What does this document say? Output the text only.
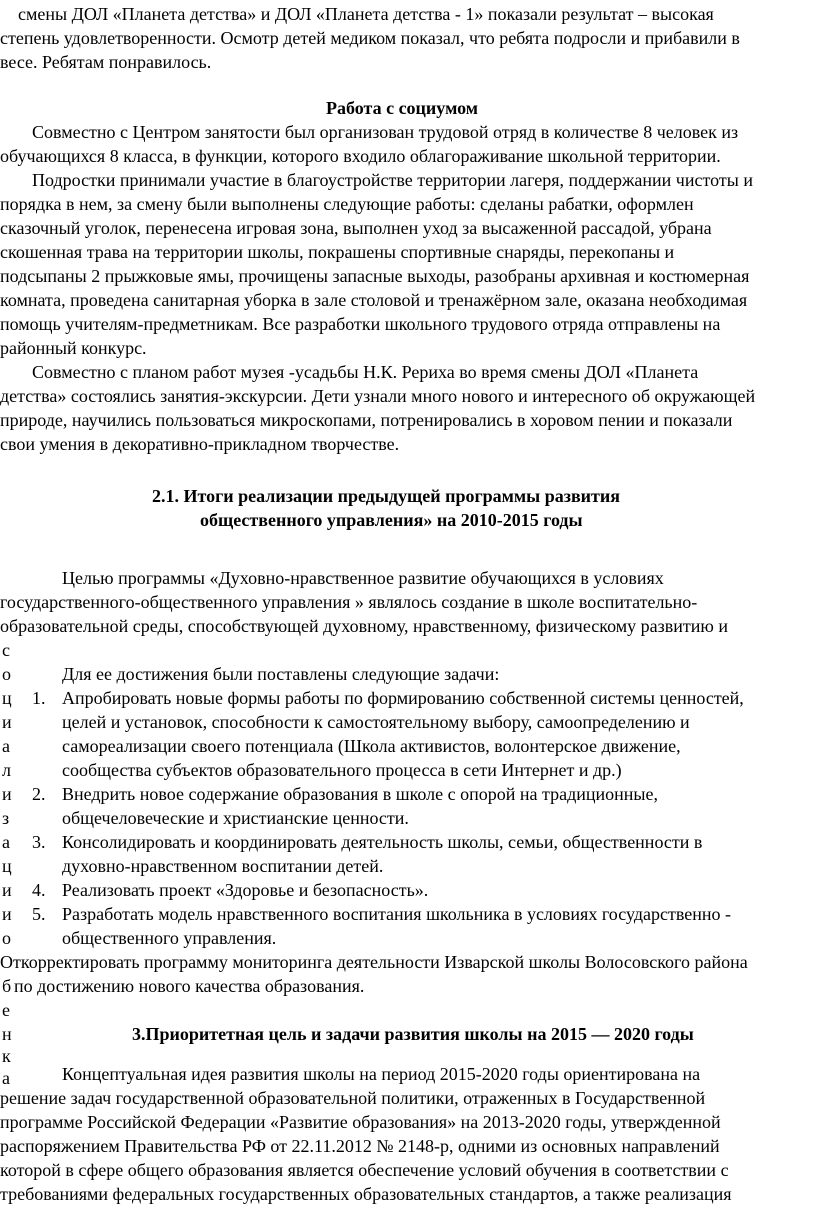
смены ДОЛ «Планета детства» и ДОЛ «Планета детства - 1» показали результат – высокая
степень удовлетворенности. Осмотр детей медиком показал, что ребята подросли и прибавили в
весе. Ребятам понравилось.
Работа с социумом
Совместно с Центром занятости был организован трудовой отряд в количестве 8 человек из
обучающихся 8 класса, в функции, которого входило облагораживание школьной территории.
Подростки принимали участие в благоустройстве территории лагеря, поддержании чистоты и
порядка в нем, за смену были выполнены следующие работы: сделаны рабатки, оформлен
сказочный уголок, перенесена игровая зона, выполнен уход за высаженной рассадой, убрана
скошенная трава на территории школы, покрашены спортивные снаряды, перекопаны и
подсыпаны 2 прыжковые ямы, прочищены запасные выходы, разобраны архивная и костюмерная
комната, проведена санитарная уборка в зале столовой и тренажёрном зале, оказана необходимая
помощь учителям-предметникам. Все разработки школьного трудового отряда отправлены на
районный конкурс.
Совместно с планом работ музея -усадьбы Н.К. Рериха во время смены ДОЛ «Планета
детства» состоялись занятия-экскурсии. Дети узнали много нового и интересного об окружающей
природе, научились пользоваться микроскопами, потренировались в хоровом пении и показали
свои умения в декоративно-прикладном творчестве.
2.1. Итоги реализации предыдущей программы развития
общественного управления» на 2010-2015 годы
Целью программы «Духовно-нравственное развитие обучающихся в условиях
государственного-общественного управления » являлось создание в школе воспитательно-
образовательной среды, способствующей духовному, нравственному, физическому развитию и
Для ее достижения были поставлены следующие задачи:
1. Апробировать новые формы работы по формированию собственной системы ценностей,
целей и установок, способности к самостоятельному выбору, самоопределению и
самореализации своего потенциала (Школа активистов, волонтерское движение,
сообщества субъектов образовательного процесса в сети Интернет и др.)
2. Внедрить новое содержание образования в школе с опорой на традиционные,
общечеловеческие и христианские ценности.
3. Консолидировать и координировать деятельность школы, семьи, общественности в
духовно-нравственном воспитании детей.
4. Реализовать проект «Здоровье и безопасность».
5. Разработать модель нравственного воспитания школьника в условиях государственно -
общественного управления.
Откорректировать программу мониторинга деятельности Изварской школы Волосовского района
по достижению нового качества образования.
3.Приоритетная цель и задачи развития школы на 2015 — 2020 годы
Концептуальная идея развития школы на период 2015-2020 годы ориентирована на
решение задач государственной образовательной политики, отраженных в Государственной
программе Российской Федерации «Развитие образования» на 2013-2020 годы, утвержденной
распоряжением Правительства РФ от 22.11.2012 № 2148-р, одними из основных направлений
которой в сфере общего образования является обеспечение условий обучения в соответствии с
требованиями федеральных государственных образовательных стандартов, а также реализация
с
о
ц
и
а
л
и
з
а
ц
и
и
о
б
е
н
к
а
